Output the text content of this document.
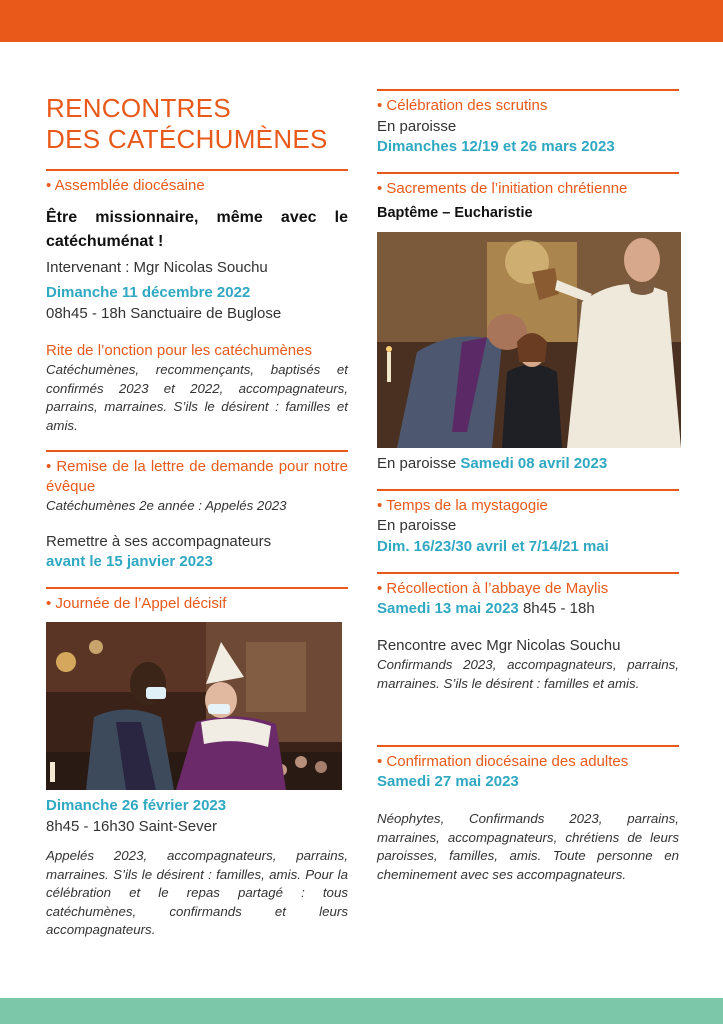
RENCONTRES
DES CATÉCHUMÈNES
• Assemblée diocésaine
Être missionnaire, même avec le
catéchuménat !
Intervenant : Mgr Nicolas Souchu
Dimanche 11 décembre 2022
08h45 - 18h Sanctuaire de Buglose
Rite de l’onction pour les catéchumènes
Catéchumènes, recommençants, baptisés et confirmés 2023 et 2022, accompagnateurs, parrains, marraines. S’ils le désirent : familles et amis.
• Remise de la lettre de demande pour notre évêque
Catéchumènes 2e année : Appelés 2023
Remettre à ses accompagnateurs
avant le 15 janvier 2023
• Journée de l’Appel décisif
Dimanche 26 février 2023
8h45 - 16h30 Saint-Sever
Appelés 2023, accompagnateurs, parrains, marraines. S’ils le désirent : familles, amis. Pour la célébration et le repas partagé : tous catéchumènes, confirmands et leurs accompagnateurs.
• Célébration des scrutins
En paroisse
Dimanches 12/19 et 26 mars 2023
• Sacrements de l’initiation chrétienne
Baptême – Eucharistie
En paroisse Samedi 08 avril 2023
• Temps de la mystagogie
En paroisse
Dim. 16/23/30 avril et 7/14/21 mai
• Récollection à l’abbaye de Maylis
Samedi 13 mai 2023 8h45 - 18h
Rencontre avec Mgr Nicolas Souchu
Confirmands 2023, accompagnateurs, parrains, marraines. S’ils le désirent : familles et amis.
• Confirmation diocésaine des adultes
Samedi 27 mai 2023
Néophytes, Confirmands 2023, parrains, marraines, accompagnateurs, chrétiens de leurs paroisses, familles, amis. Toute personne en cheminement avec ses accompagnateurs.
